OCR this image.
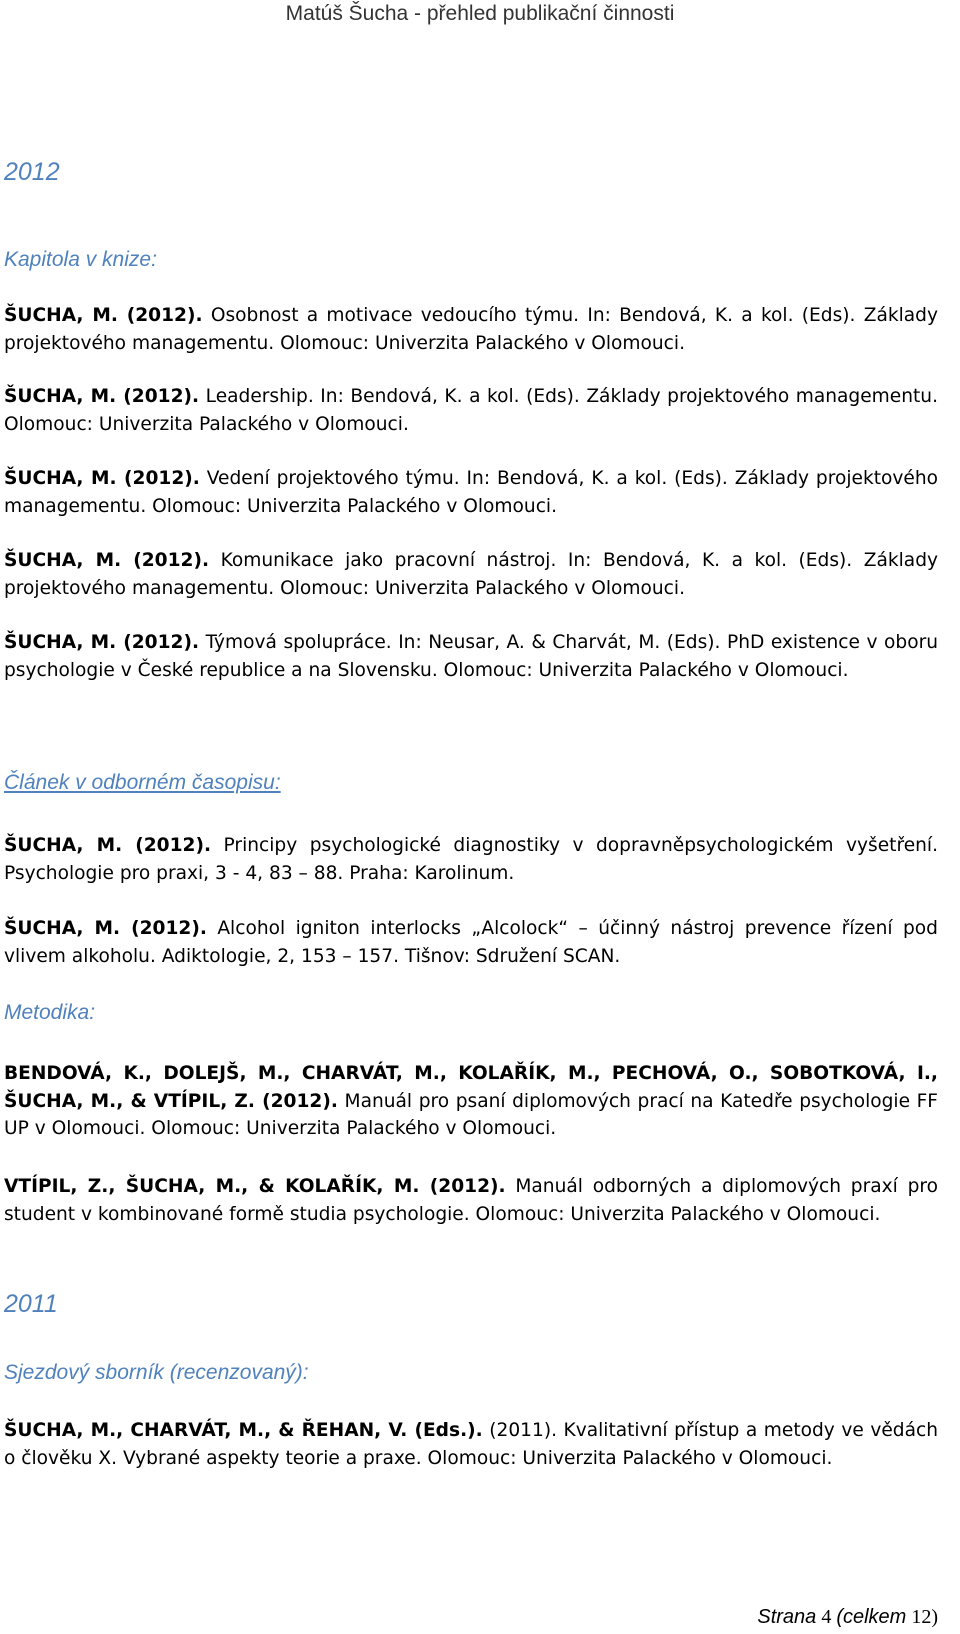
Matúš Šucha - přehled publikační činnosti
2012
Kapitola v knize:
ŠUCHA, M. (2012). Osobnost a motivace vedoucího týmu. In: Bendová, K. a kol. (Eds). Základy projektového managementu. Olomouc: Univerzita Palackého v Olomouci.
ŠUCHA, M. (2012). Leadership. In: Bendová, K. a kol. (Eds). Základy projektového managementu. Olomouc: Univerzita Palackého v Olomouci.
ŠUCHA, M. (2012). Vedení projektového týmu. In: Bendová, K. a kol. (Eds). Základy projektového managementu. Olomouc: Univerzita Palackého v Olomouci.
ŠUCHA, M. (2012). Komunikace jako pracovní nástroj. In: Bendová, K. a kol. (Eds). Základy projektového managementu. Olomouc: Univerzita Palackého v Olomouci.
ŠUCHA, M. (2012). Týmová spolupráce. In: Neusar, A. & Charvát, M. (Eds). PhD existence v oboru psychologie v České republice a na Slovensku. Olomouc: Univerzita Palackého v Olomouci.
Článek v odborném časopisu:
ŠUCHA, M. (2012). Principy psychologické diagnostiky v dopravněpsychologickém vyšetření. Psychologie pro praxi, 3 - 4, 83 – 88. Praha: Karolinum.
ŠUCHA, M. (2012). Alcohol igniton interlocks „Alcolock“ – účinný nástroj prevence řízení pod vlivem alkoholu. Adiktologie, 2, 153 – 157. Tišnov: Sdružení SCAN.
Metodika:
BENDOVÁ, K., DOLEJŠ, M., CHARVÁT, M., KOLAŘÍK, M., PECHOVÁ, O., SOBOTKOVÁ, I., ŠUCHA, M., & VTÍPIL, Z. (2012). Manuál pro psaní diplomových prací na Katedře psychologie FF UP v Olomouci. Olomouc: Univerzita Palackého v Olomouci.
VTÍPIL, Z., ŠUCHA, M., & KOLAŘÍK, M. (2012). Manuál odborných a diplomových praxí pro student v kombinované formě studia psychologie. Olomouc: Univerzita Palackého v Olomouci.
2011
Sjezdový sborník (recenzovaný):
ŠUCHA, M., CHARVÁT, M., & ŘEHAN, V. (Eds.). (2011). Kvalitativní přístup a metody ve vědách o člověku X. Vybrané aspekty teorie a praxe. Olomouc: Univerzita Palackého v Olomouci.
Strana 4 (celkem 12)
